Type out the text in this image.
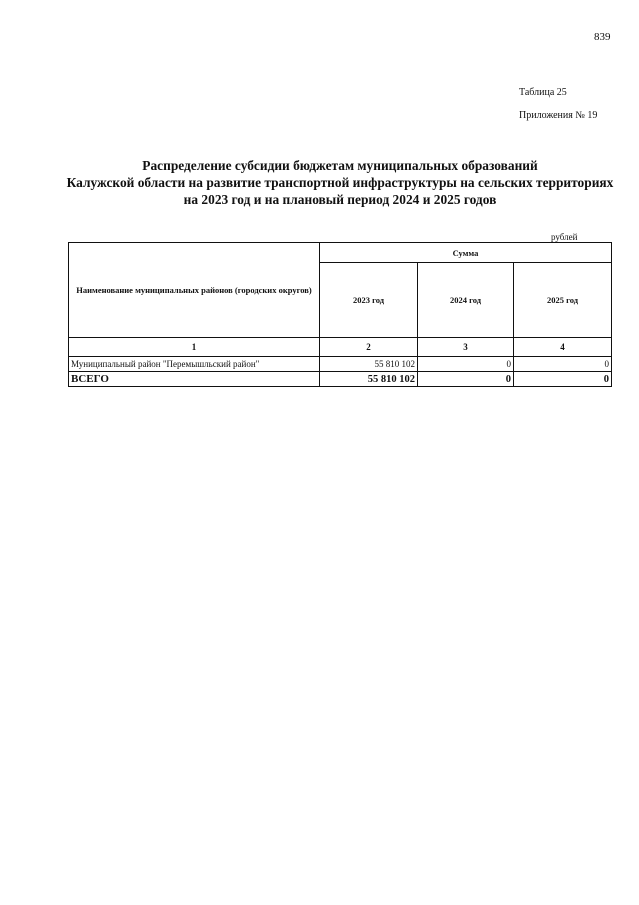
839
Таблица 25
Приложения № 19
Распределение субсидии бюджетам муниципальных образований
Калужской области на развитие транспортной инфраструктуры на сельских территориях
на 2023 год и на плановый период 2024 и 2025 годов
рублей
Наименование муниципальных районов (городских округов)	Сумма		
	2023 год	2024 год	2025 год
1	2	3	4
Муниципальный район "Перемышльский район"	55 810 102	0	0
ВСЕГО	55 810 102	0	0
